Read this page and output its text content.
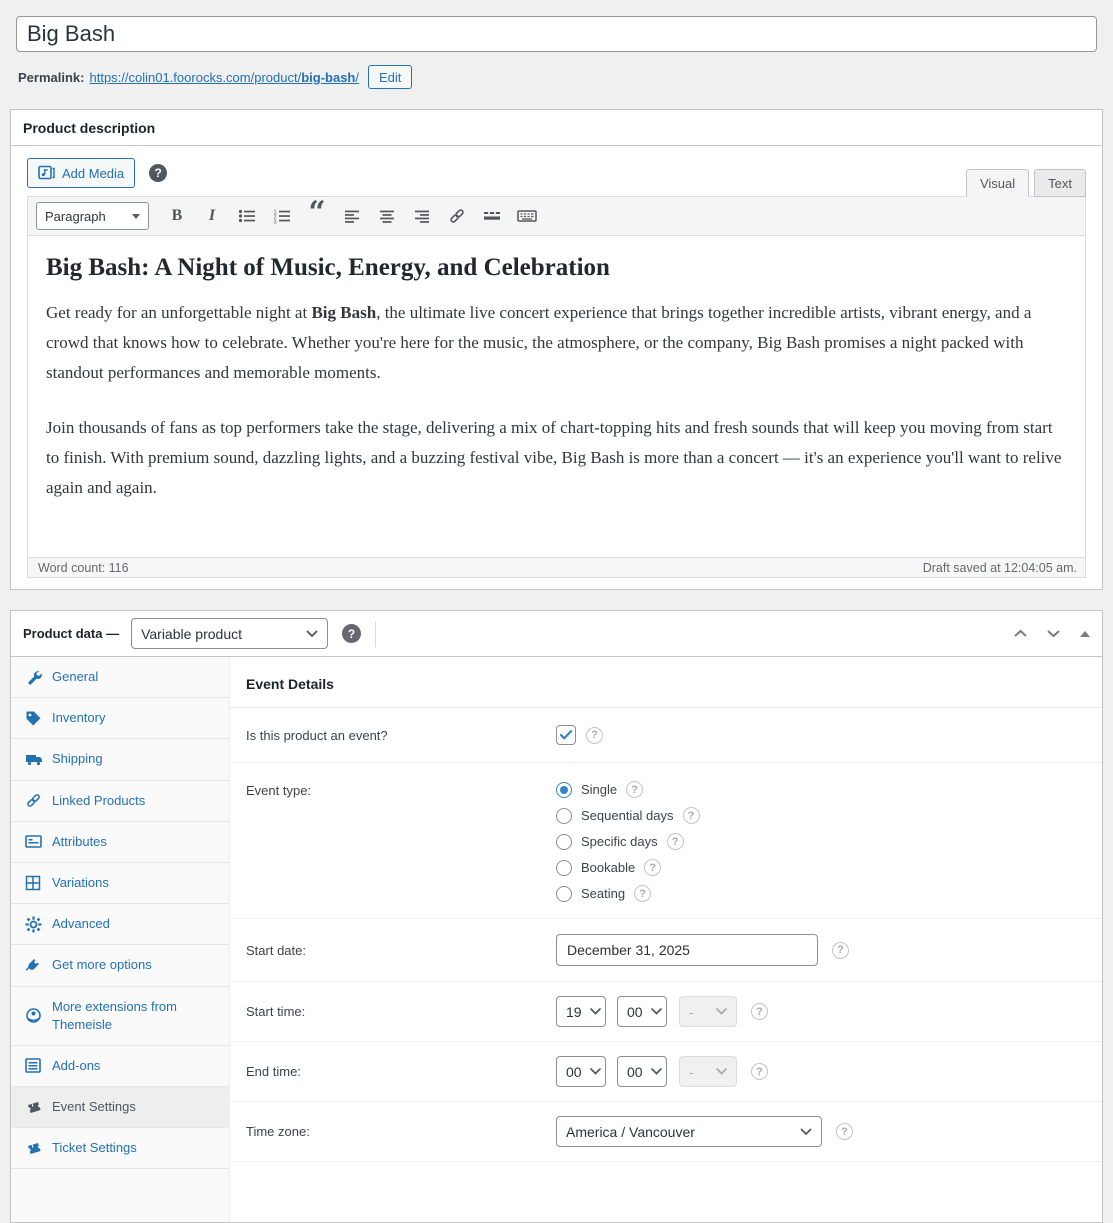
Big Bash
Permalink: https://colin01.foorocks.com/product/big-bash/	Edit
Product description
Add Media
?
Visual	Text
Paragraph	B I	1
2
3 “
Big Bash: A Night of Music, Energy, and Celebration

Get ready for an unforgettable night at Big Bash, the ultimate live concert experience that brings together incredible artists, vibrant energy, and a crowd that knows how to celebrate. Whether you're here for the music, the atmosphere, or the company, Big Bash promises a night packed with standout performances and memorable moments.

Join thousands of fans as top performers take the stage, delivering a mix of chart-topping hits and fresh sounds that will keep you moving from start to finish. With premium sound, dazzling lights, and a buzzing festival vibe, Big Bash is more than a concert — it's an experience you'll want to relive again and again.

Word count: 116	Draft saved at 12:04:05 am.
Product data — Variable product
?
General
Inventory
Shipping
Linked Products
Attributes
Variations
Advanced
Get more options
More extensions from Themeisle
Add-ons
Event Settings
Ticket Settings
Event Details
Is this product an event?
?
Event type:	Single
?
Sequential days
?
Specific days
?
Bookable
?
Seating
?
Start date:
December 31, 2025
?
Start time:	19	00	-
?
End time:	00	00	-
?
Time zone:	America / Vancouver
?
